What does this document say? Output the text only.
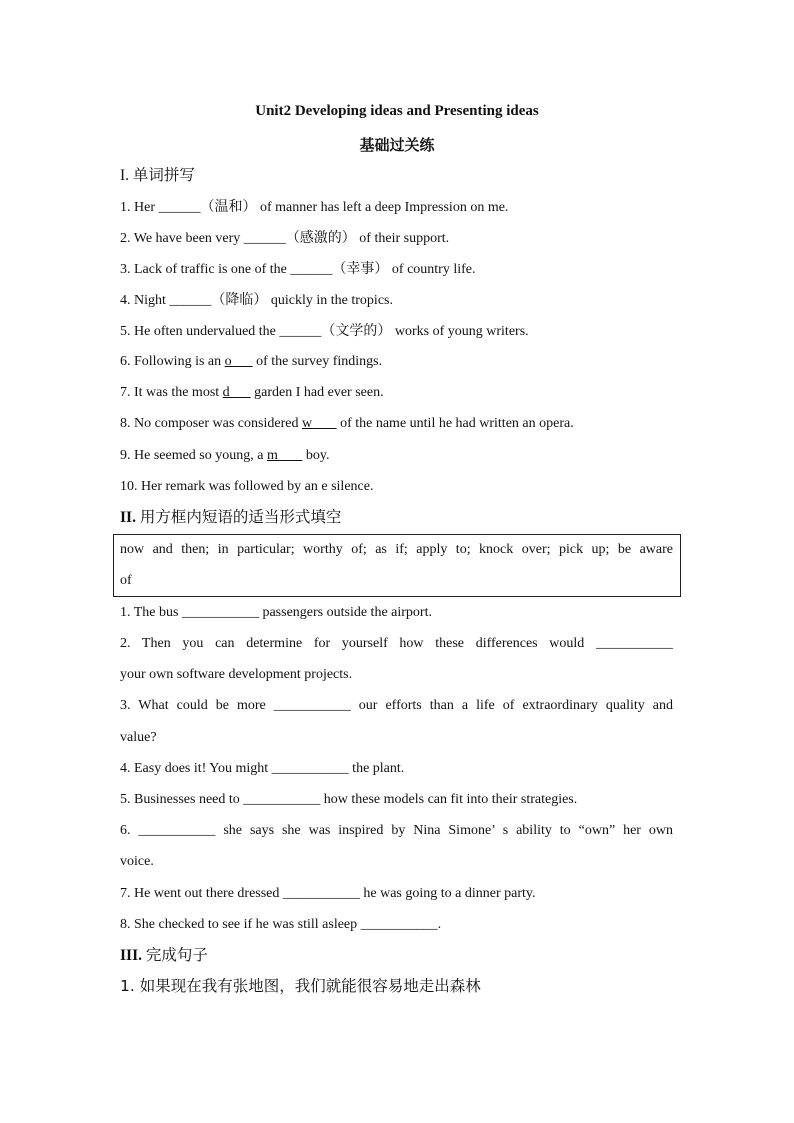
Unit2 Developing ideas and Presenting ideas
基础过关练
I. 单词拼写
1. Her ______（温和） of manner has left a deep Impression on me.
2. We have been very ______（感激的） of their support.
3. Lack of traffic is one of the ______（幸事） of country life.
4. Night ______（降临） quickly in the tropics.
5. He often undervalued the ______（文学的） works of young writers.
6. Following is an o       of the survey findings.
7. It was the most d       garden I had ever seen.
8. No composer was considered w        of the name until he had written an opera.
9. He seemed so young, a m        boy.
10. Her remark was followed by an e silence.
II. 用方框内短语的适当形式填空
now and then; in particular; worthy of; as if; apply to; knock over; pick up; be aware
of
1. The bus ___________ passengers outside the airport.
2. Then you can determine for yourself how these differences would ___________
your own software development projects.
3. What could be more ___________ our efforts than a life of extraordinary quality and
value?
4. Easy does it! You might ___________ the plant.
5. Businesses need to ___________ how these models can fit into their strategies.
6. ___________ she says she was inspired by Nina Simone’ s ability to “own” her own
voice.
7. He went out there dressed ___________ he was going to a dinner party.
8. She checked to see if he was still asleep ___________.
III. 完成句子
1. 如果现在我有张地图，我们就能很容易地走出森林
